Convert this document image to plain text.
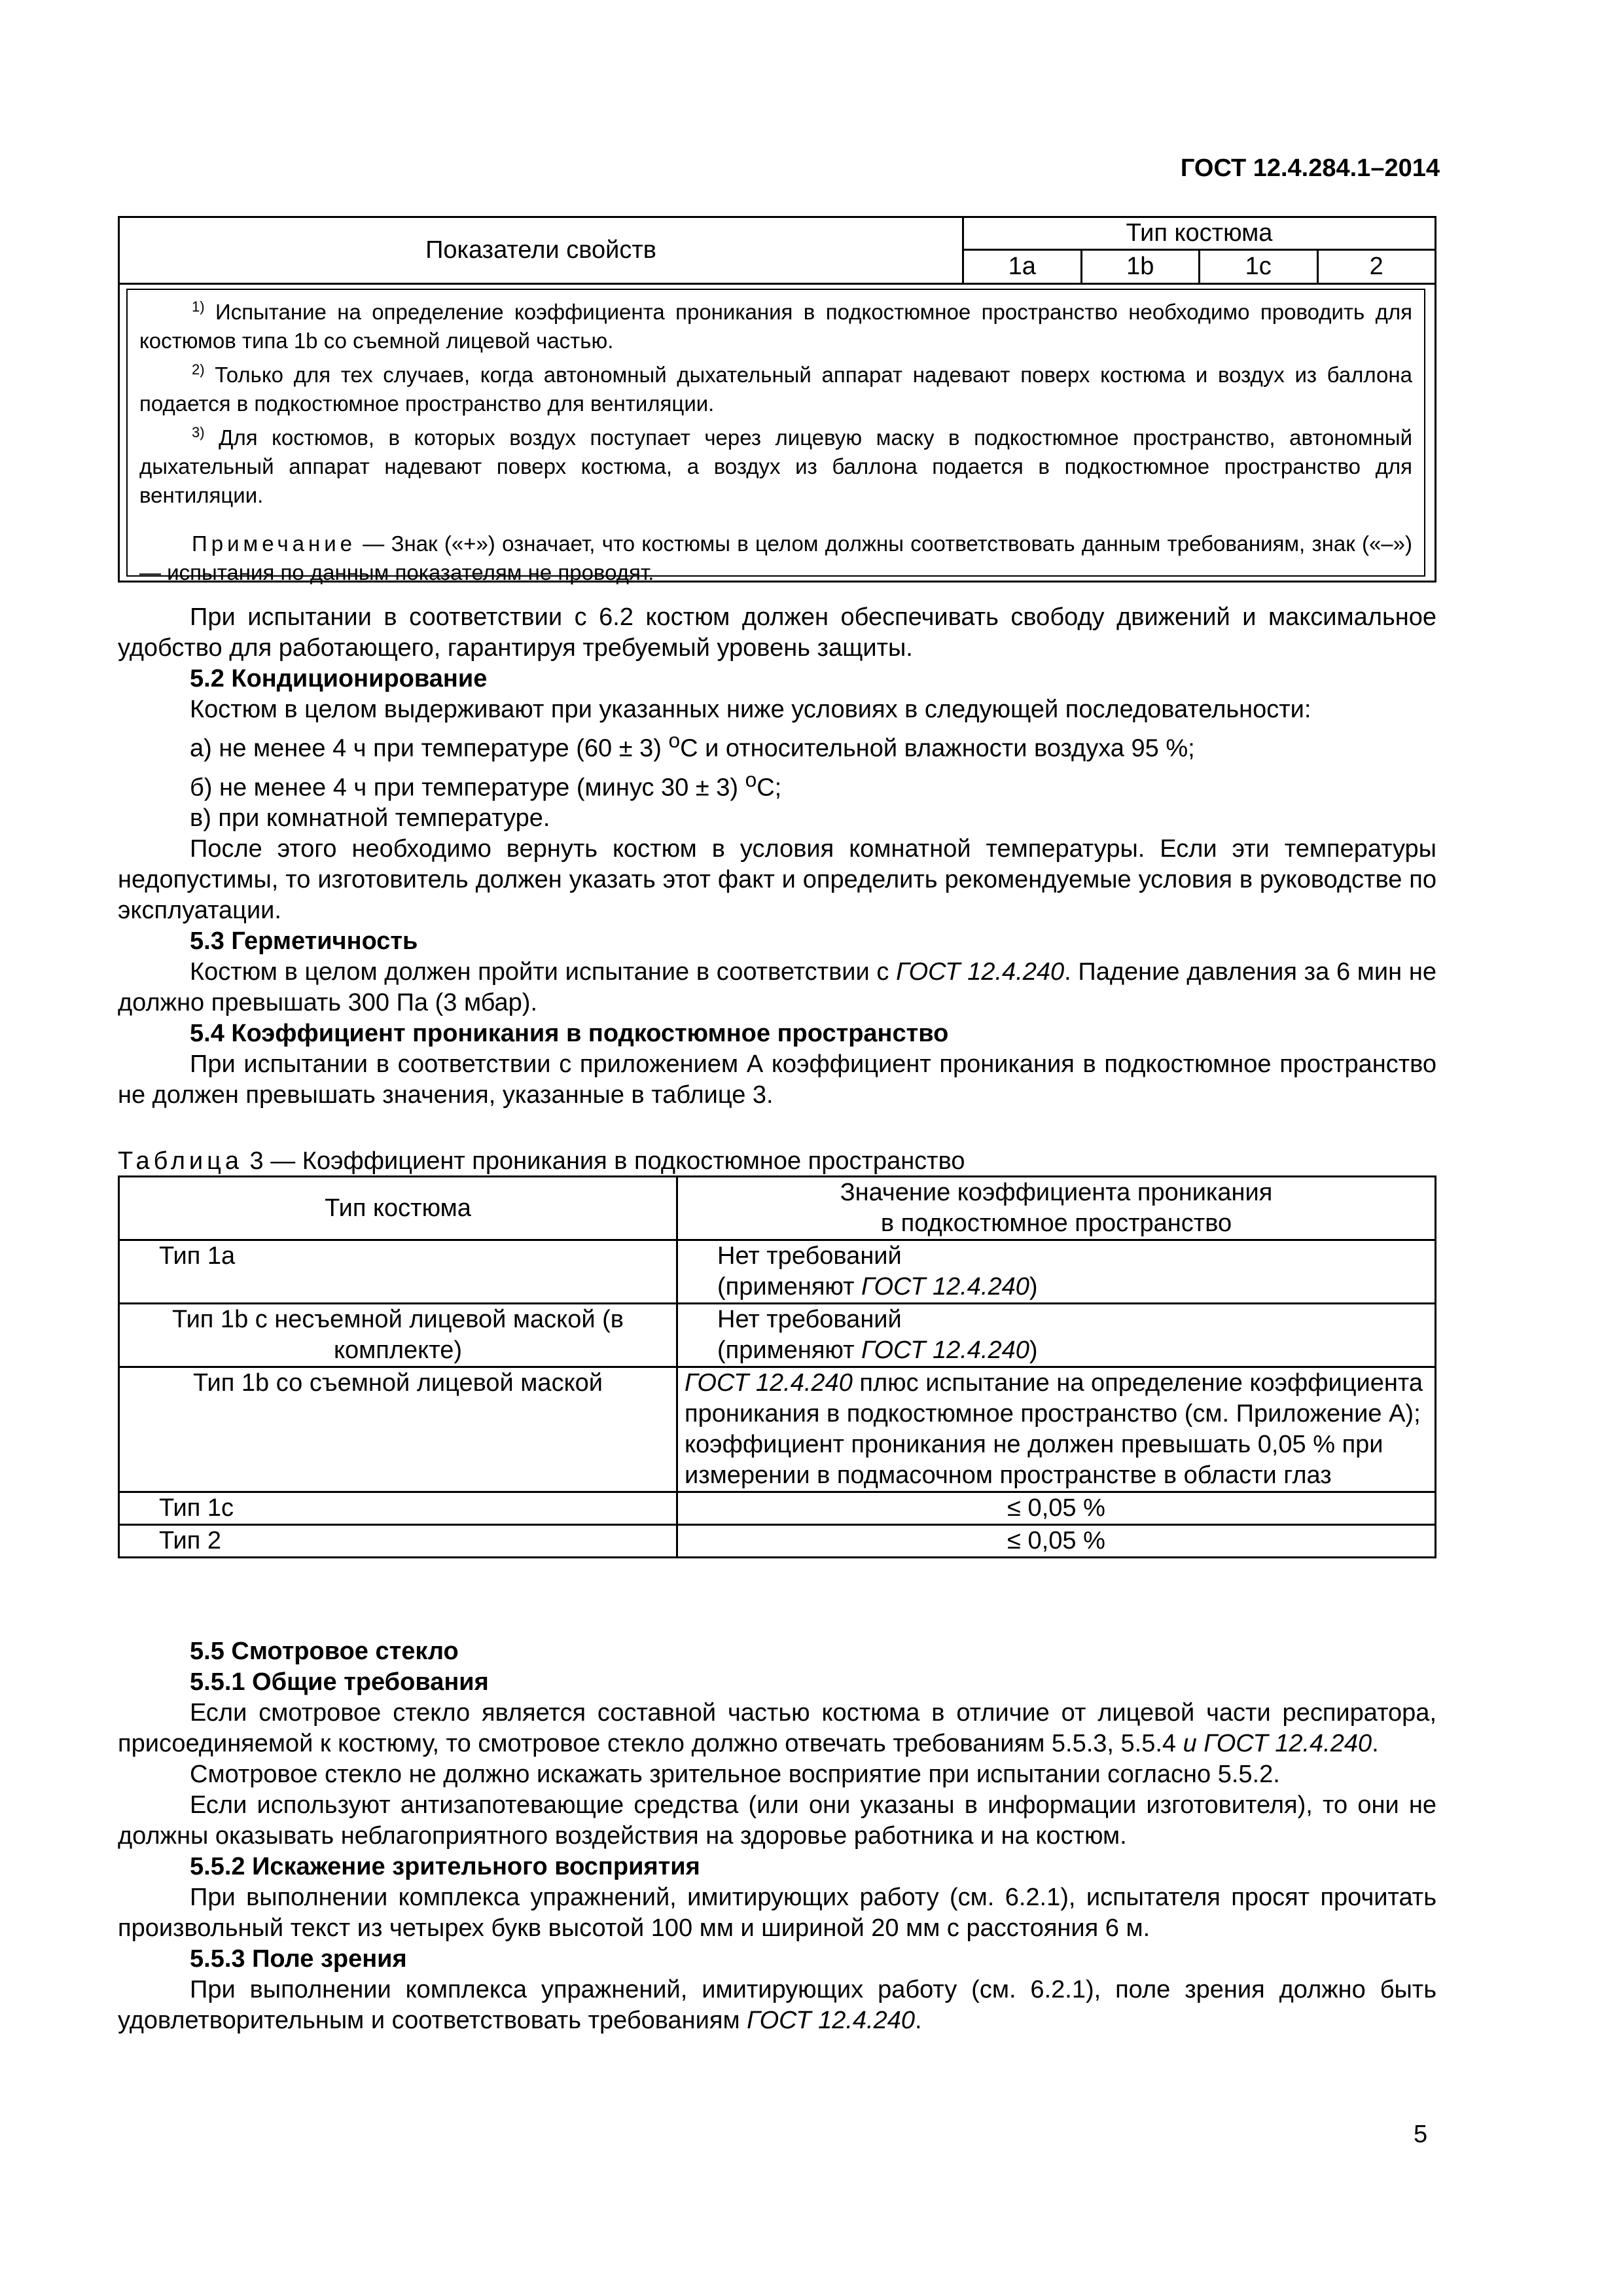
ГОСТ 12.4.284.1–2014
Показатели свойств
Тип костюма
1а	1b	1с	2

$^{1)}$ Испытание на определение коэффициента проникания в подкостюмное пространство необходимо проводить для костюмов типа 1b со съемной лицевой частью.

$^{2)}$ Только для тех случаев, когда автономный дыхательный аппарат надевают поверх костюма и воздух из баллона подается в подкостюмное пространство для вентиляции.

$^{3)}$ Для костюмов, в которых воздух поступает через лицевую маску в подкостюмное пространство, автономный дыхательный аппарат надевают поверх костюма, а воздух из баллона подается в подкостюмное пространство для вентиляции.

Примечание — Знак («+») означает, что костюмы в целом должны соответствовать данным требованиям, знак («–») — испытания по данным показателям не проводят.

При испытании в соответствии с 6.2 костюм должен обеспечивать свободу движений и максимальное удобство для работающего, гарантируя требуемый уровень защиты.

5.2 Кондиционирование

Костюм в целом выдерживают при указанных ниже условиях в следующей последовательности:

а) не менее 4 ч при температуре (60 ± 3) $^o$С и относительной влажности воздуха 95 %;

б) не менее 4 ч при температуре (минус 30 ± 3) $^o$С;

в) при комнатной температуре.

После этого необходимо вернуть костюм в условия комнатной температуры. Если эти температуры недопустимы, то изготовитель должен указать этот факт и определить рекомендуемые условия в руководстве по эксплуатации.

5.3 Герметичность

Костюм в целом должен пройти испытание в соответствии с ГОСТ 12.4.240. Падение давления за 6 мин не должно превышать 300 Па (3 мбар).

5.4 Коэффициент проникания в подкостюмное пространство

При испытании в соответствии с приложением А коэффициент проникания в подкостюмное пространство не должен превышать значения, указанные в таблице 3.

Таблица 3 — Коэффициент проникания в подкостюмное пространство
Тип костюма	Значение коэффициента проникания
в подкостюмное пространство
Тип 1а	Нет требований
(применяют ГОСТ 12.4.240)
Тип 1b с несъемной лицевой маской (в комплекте)	Нет требований
(применяют ГОСТ 12.4.240)
Тип 1b со съемной лицевой маской	ГОСТ 12.4.240 плюс испытание на определение коэффициента проникания в подкостюмное пространство (см. Приложение А); коэффициент проникания не должен превышать 0,05 % при измерении в подмасочном пространстве в области глаз
Тип 1с	≤ 0,05 %
Тип 2	≤ 0,05 %
5.5 Смотровое стекло
5.5.1 Общие требования

Если смотровое стекло является составной частью костюма в отличие от лицевой части респиратора, присоединяемой к костюму, то смотровое стекло должно отвечать требованиям 5.5.3, 5.5.4 и ГОСТ 12.4.240.

Смотровое стекло не должно искажать зрительное восприятие при испытании согласно 5.5.2.

Если используют антизапотевающие средства (или они указаны в информации изготовителя), то они не должны оказывать неблагоприятного воздействия на здоровье работника и на костюм.

5.5.2 Искажение зрительного восприятия

При выполнении комплекса упражнений, имитирующих работу (см. 6.2.1), испытателя просят прочитать произвольный текст из четырех букв высотой 100 мм и шириной 20 мм с расстояния 6 м.

5.5.3 Поле зрения

При выполнении комплекса упражнений, имитирующих работу (см. 6.2.1), поле зрения должно быть удовлетворительным и соответствовать требованиям ГОСТ 12.4.240.

5
